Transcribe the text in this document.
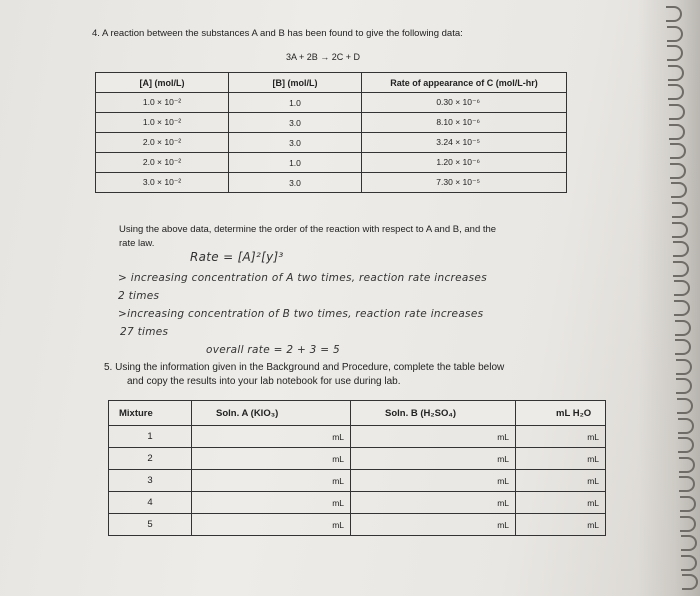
4. A reaction between the substances A and B has been found to give the following data:
3A + 2B → 2C + D
[A] (mol/L)	[B] (mol/L)	Rate of appearance of C (mol/L-hr)
1.0 × 10⁻²	1.0	0.30 × 10⁻⁶
1.0 × 10⁻²	3.0	8.10 × 10⁻⁶
2.0 × 10⁻²	3.0	3.24 × 10⁻⁵
2.0 × 10⁻²	1.0	1.20 × 10⁻⁶
3.0 × 10⁻²	3.0	7.30 × 10⁻⁵
Using the above data, determine the order of the reaction with respect to A and B, and the
rate law.
Rate = [A]²[y]³
> increasing concentration of A two times, reaction rate increases
2 times
>increasing concentration of B two times, reaction rate increases
27 times
overall rate = 2 + 3 = 5
5. Using the information given in the Background and Procedure, complete the table below
and copy the results into your lab notebook for use during lab.
Mixture	Soln. A (KIO₃)	Soln. B (H₂SO₄)	mL H₂O
1	mL	mL	mL

2	mL	mL	mL

3	mL	mL	mL

4	mL	mL	mL

5	mL	mL	mL
